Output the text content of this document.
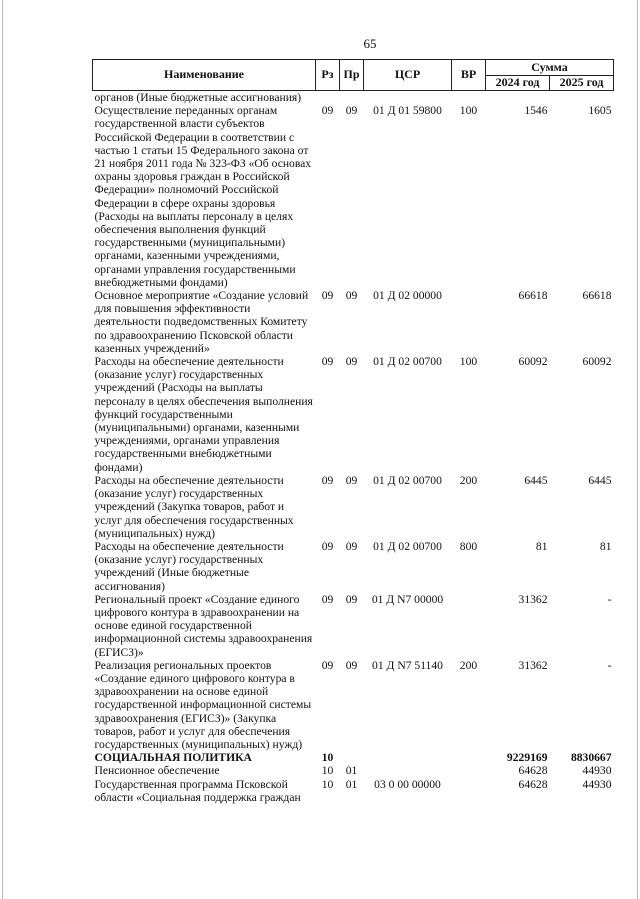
65
Наименование	Рз	Пр	ЦСР	ВР	Сумма	
					2024 год	2025 год
органов (Иные бюджетные ассигнования)						
Осуществление переданных органам государственной власти субъектов Российской Федерации в соответствии с частью 1 статьи 15 Федерального закона от 21 ноября 2011 года № 323-ФЗ «Об основах охраны здоровья граждан в Российской Федерации» полномочий Российской Федерации в сфере охраны здоровья (Расходы на выплаты персоналу в целях обеспечения выполнения функций государственными (муниципальными) органами, казенными учреждениями, органами управления государственными внебюджетными фондами)	09	09	01 Д 01 59800	100	1546	1605
Основное мероприятие «Создание условий для повышения эффективности деятельности подведомственных Комитету по здравоохранению Псковской области казенных учреждений»	09	09	01 Д 02 00000		66618	66618
Расходы на обеспечение деятельности (оказание услуг) государственных учреждений (Расходы на выплаты персоналу в целях обеспечения выполнения функций государственными (муниципальными) органами, казенными учреждениями, органами управления государственными внебюджетными фондами)	09	09	01 Д 02 00700	100	60092	60092
Расходы на обеспечение деятельности (оказание услуг) государственных учреждений (Закупка товаров, работ и услуг для обеспечения государственных (муниципальных) нужд)	09	09	01 Д 02 00700	200	6445	6445
Расходы на обеспечение деятельности (оказание услуг) государственных учреждений (Иные бюджетные ассигнования)	09	09	01 Д 02 00700	800	81	81
Региональный проект «Создание единого цифрового контура в здравоохранении на основе единой государственной информационной системы здравоохранения (ЕГИСЗ)»	09	09	01 Д N7 00000		31362	-
Реализация региональных проектов «Создание единого цифрового контура в здравоохранении на основе единой государственной информационной системы здравоохранения (ЕГИСЗ)» (Закупка товаров, работ и услуг для обеспечения государственных (муниципальных) нужд)	09	09	01 Д N7 51140	200	31362	-
СОЦИАЛЬНАЯ ПОЛИТИКА	10				9229169	8830667
Пенсионное обеспечение	10	01			64628	44930
Государственная программа Псковской области «Социальная поддержка граждан	10	01	03 0 00 00000		64628	44930
